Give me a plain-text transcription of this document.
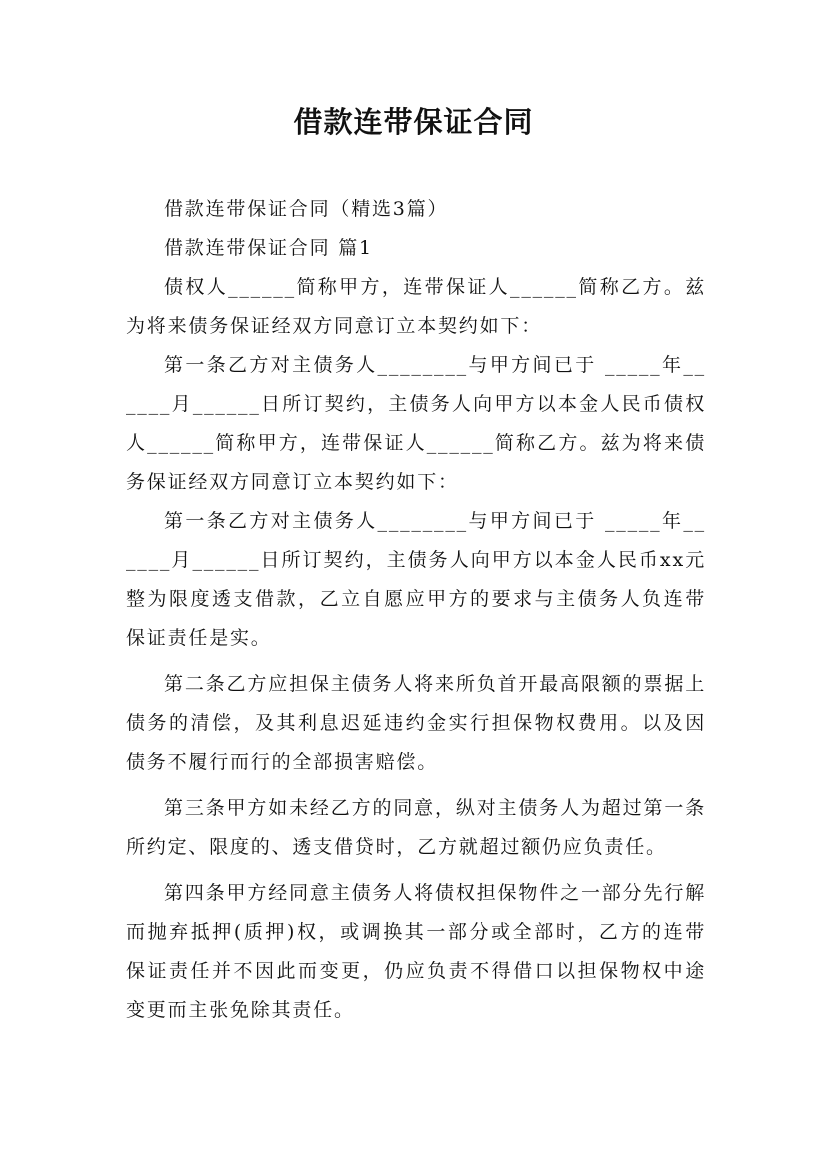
借款连带保证合同

借款连带保证合同（精选3篇）

借款连带保证合同 篇1

债权人______简称甲方，连带保证人______简称乙方。兹为将来债务保证经双方同意订立本契约如下：

第一条乙方对主债务人________与甲方间已于 _____年______月______日所订契约，主债务人向甲方以本金人民币债权人______简称甲方，连带保证人______简称乙方。兹为将来债务保证经双方同意订立本契约如下：

第一条乙方对主债务人________与甲方间已于 _____年______月______日所订契约，主债务人向甲方以本金人民币xx元整为限度透支借款，乙立自愿应甲方的要求与主债务人负连带保证责任是实。

第二条乙方应担保主债务人将来所负首开最高限额的票据上债务的清偿，及其利息迟延违约金实行担保物权费用。以及因债务不履行而行的全部损害赔偿。

第三条甲方如未经乙方的同意，纵对主债务人为超过第一条所约定、限度的、透支借贷时，乙方就超过额仍应负责任。

第四条甲方经同意主债务人将债权担保物件之一部分先行解而抛弃抵押(质押)权，或调换其一部分或全部时，乙方的连带保证责任并不因此而变更，仍应负责不得借口以担保物权中途变更而主张免除其责任。
